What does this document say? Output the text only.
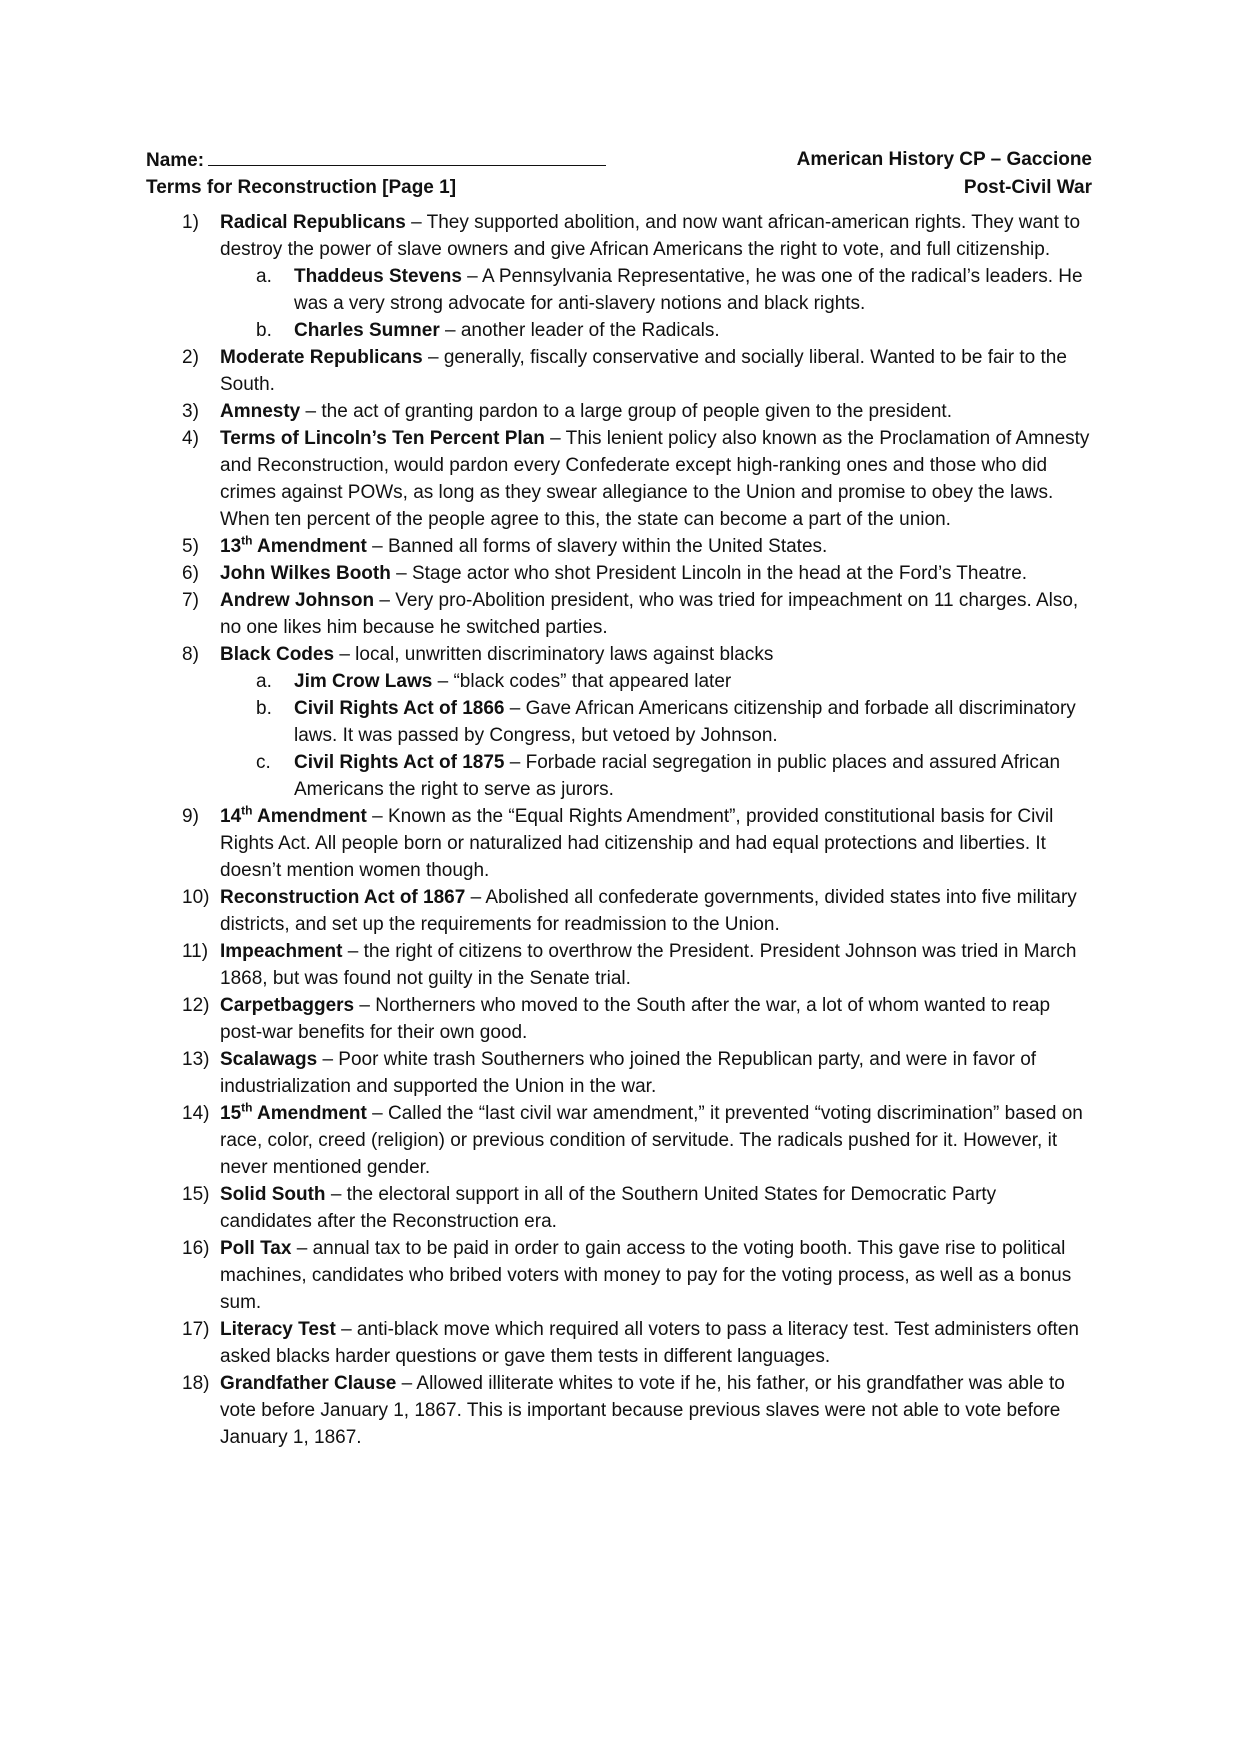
Name:	American History CP – Gaccione
Terms for Reconstruction [Page 1]	Post-Civil War
1) Radical Republicans – They supported abolition, and now want african-american rights. They want to destroy the power of slave owners and give African Americans the right to vote, and full citizenship.
a. Thaddeus Stevens – A Pennsylvania Representative, he was one of the radical’s leaders. He was a very strong advocate for anti-slavery notions and black rights.
b. Charles Sumner – another leader of the Radicals.
2) Moderate Republicans – generally, fiscally conservative and socially liberal. Wanted to be fair to the South.
3) Amnesty – the act of granting pardon to a large group of people given to the president.
4) Terms of Lincoln’s Ten Percent Plan – This lenient policy also known as the Proclamation of Amnesty and Reconstruction, would pardon every Confederate except high-ranking ones and those who did crimes against POWs, as long as they swear allegiance to the Union and promise to obey the laws. When ten percent of the people agree to this, the state can become a part of the union.
5) 13th Amendment – Banned all forms of slavery within the United States.
6) John Wilkes Booth – Stage actor who shot President Lincoln in the head at the Ford’s Theatre.
7) Andrew Johnson – Very pro-Abolition president, who was tried for impeachment on 11 charges. Also, no one likes him because he switched parties.
8) Black Codes – local, unwritten discriminatory laws against blacks
a. Jim Crow Laws – “black codes” that appeared later
b. Civil Rights Act of 1866 – Gave African Americans citizenship and forbade all discriminatory laws. It was passed by Congress, but vetoed by Johnson.
c. Civil Rights Act of 1875 – Forbade racial segregation in public places and assured African Americans the right to serve as jurors.
9) 14th Amendment – Known as the “Equal Rights Amendment”, provided constitutional basis for Civil Rights Act. All people born or naturalized had citizenship and had equal protections and liberties. It doesn’t mention women though.
10) Reconstruction Act of 1867 – Abolished all confederate governments, divided states into five military districts, and set up the requirements for readmission to the Union.
11) Impeachment – the right of citizens to overthrow the President. President Johnson was tried in March 1868, but was found not guilty in the Senate trial.
12) Carpetbaggers – Northerners who moved to the South after the war, a lot of whom wanted to reap post-war benefits for their own good.
13) Scalawags – Poor white trash Southerners who joined the Republican party, and were in favor of industrialization and supported the Union in the war.
14) 15th Amendment – Called the “last civil war amendment,” it prevented “voting discrimination” based on race, color, creed (religion) or previous condition of servitude. The radicals pushed for it. However, it never mentioned gender.
15) Solid South – the electoral support in all of the Southern United States for Democratic Party candidates after the Reconstruction era.
16) Poll Tax – annual tax to be paid in order to gain access to the voting booth. This gave rise to political machines, candidates who bribed voters with money to pay for the voting process, as well as a bonus sum.
17) Literacy Test – anti-black move which required all voters to pass a literacy test. Test administers often asked blacks harder questions or gave them tests in different languages.
18) Grandfather Clause – Allowed illiterate whites to vote if he, his father, or his grandfather was able to vote before January 1, 1867. This is important because previous slaves were not able to vote before January 1, 1867.
